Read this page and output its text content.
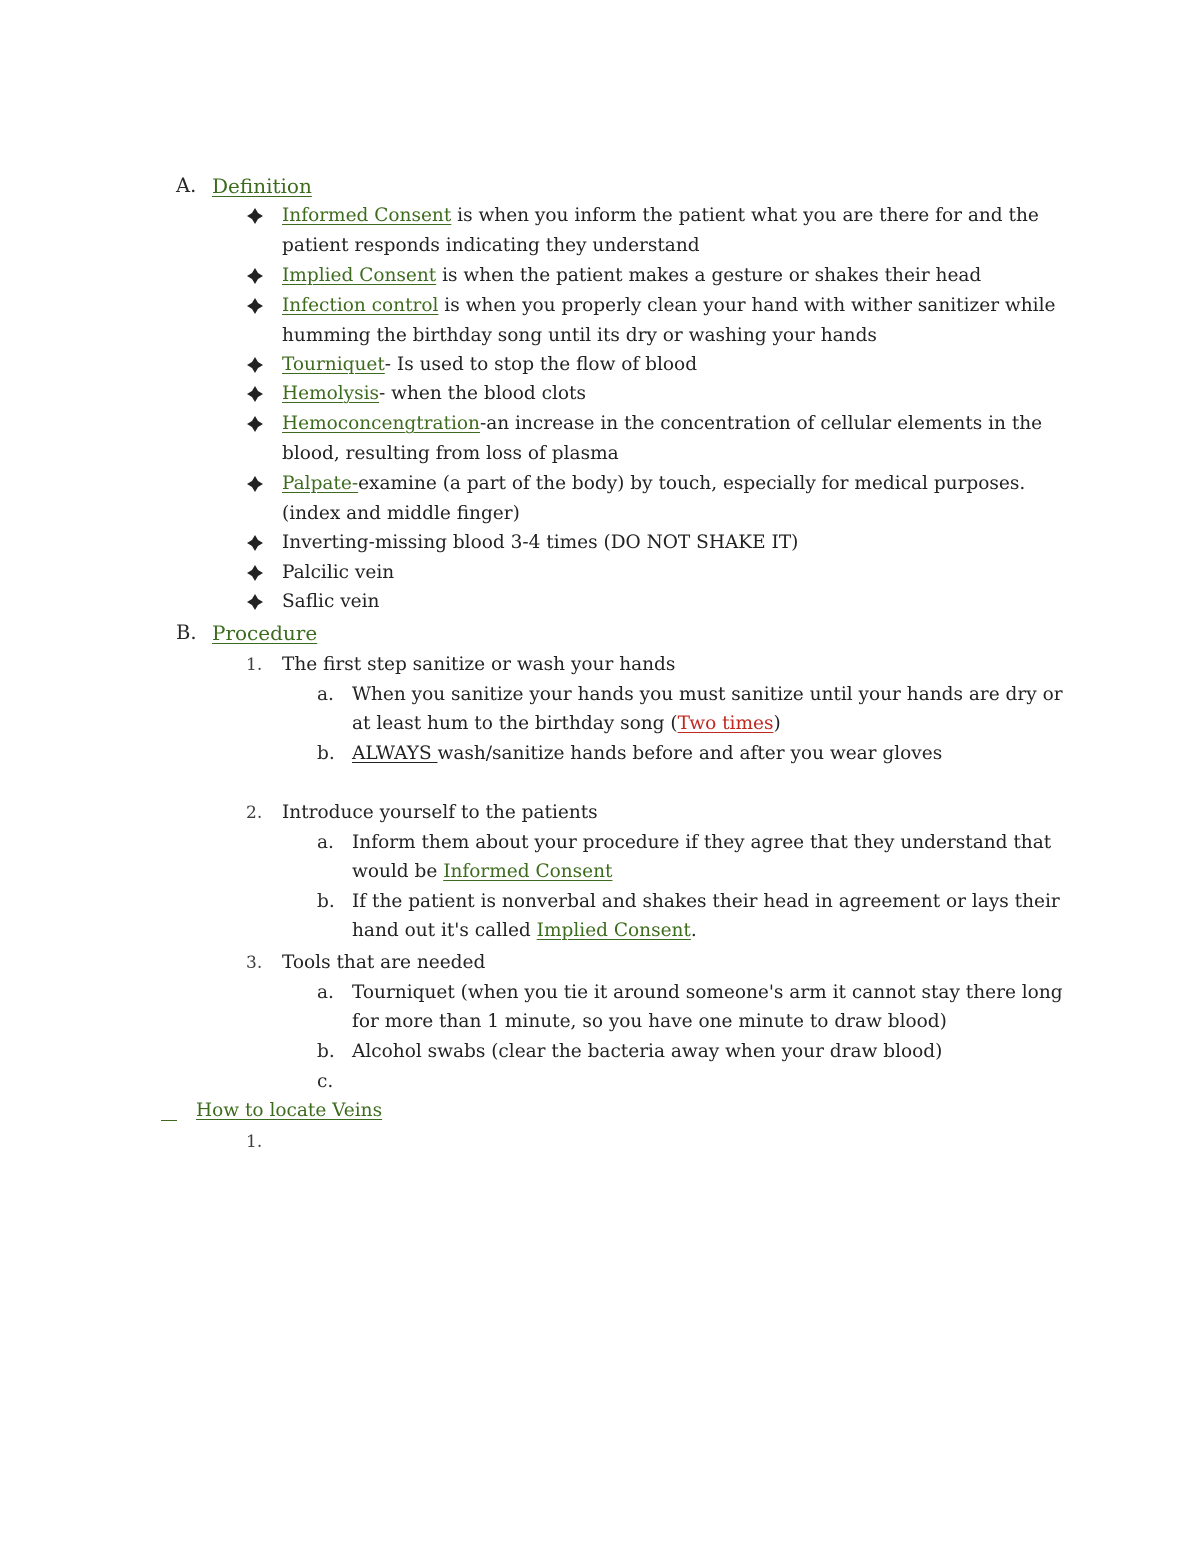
A. Definition
Informed Consent is when you inform the patient what you are there for and the
patient responds indicating they understand
Implied Consent is when the patient makes a gesture or shakes their head
Infection control is when you properly clean your hand with wither sanitizer while
humming the birthday song until its dry or washing your hands
Tourniquet- Is used to stop the flow of blood
Hemolysis- when the blood clots
Hemoconcengtration-an increase in the concentration of cellular elements in the
blood, resulting from loss of plasma
Palpate-examine (a part of the body) by touch, especially for medical purposes.
(index and middle finger)
Inverting-missing blood 3-4 times (DO NOT SHAKE IT)
Palcilic vein
Saflic vein
B. Procedure
1. The first step sanitize or wash your hands
a. When you sanitize your hands you must sanitize until your hands are dry or
at least hum to the birthday song (Two times)
b. ALWAYS wash/sanitize hands before and after you wear gloves
2. Introduce yourself to the patients
a. Inform them about your procedure if they agree that they understand that
would be Informed Consent
b. If the patient is nonverbal and shakes their head in agreement or lays their
hand out it's called Implied Consent.
3. Tools that are needed
a. Tourniquet (when you tie it around someone's arm it cannot stay there long
for more than 1 minute, so you have one minute to draw blood)
b. Alcohol swabs (clear the bacteria away when your draw blood)
c.
How to locate Veins
1.
